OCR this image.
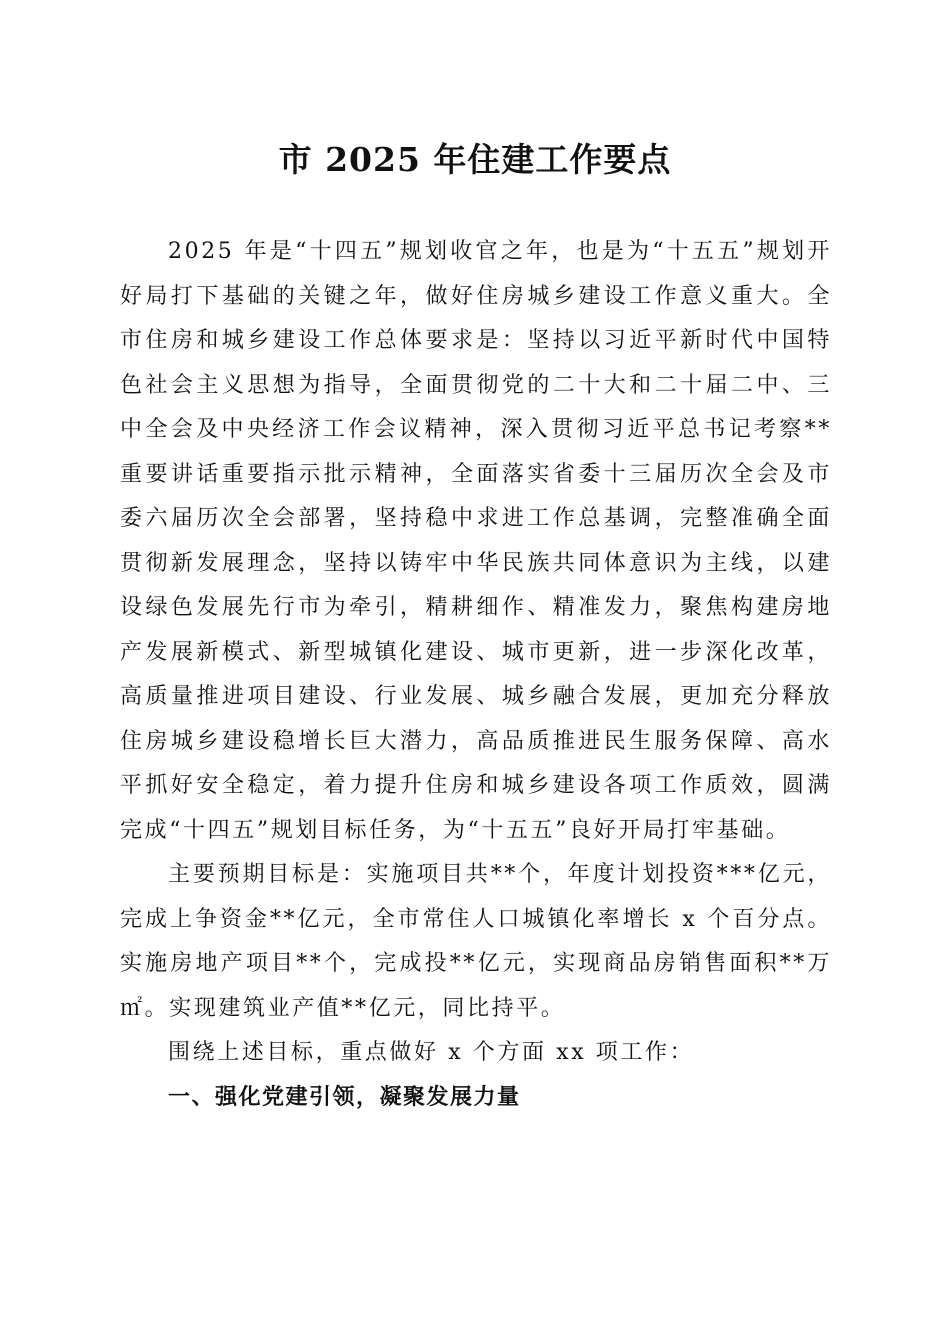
市 2025 年住建工作要点

2025 年是“十四五”规划收官之年，也是为“十五五”规划开好局打下基础的关键之年，做好住房城乡建设工作意义重大。全市住房和城乡建设工作总体要求是：坚持以习近平新时代中国特色社会主义思想为指导，全面贯彻党的二十大和二十届二中、三中全会及中央经济工作会议精神，深入贯彻习近平总书记考察**重要讲话重要指示批示精神，全面落实省委十三届历次全会及市委六届历次全会部署，坚持稳中求进工作总基调，完整准确全面贯彻新发展理念，坚持以铸牢中华民族共同体意识为主线，以建设绿色发展先行市为牵引，精耕细作、精准发力，聚焦构建房地产发展新模式、新型城镇化建设、城市更新，进一步深化改革，高质量推进项目建设、行业发展、城乡融合发展，更加充分释放住房城乡建设稳增长巨大潜力，高品质推进民生服务保障、高水平抓好安全稳定，着力提升住房和城乡建设各项工作质效，圆满完成“十四五”规划目标任务，为“十五五”良好开局打牢基础。

主要预期目标是：实施项目共**个，年度计划投资***亿元，完成上争资金**亿元，全市常住人口城镇化率增长 x 个百分点。实施房地产项目**个，完成投**亿元，实现商品房销售面积**万㎡。实现建筑业产值**亿元，同比持平。

围绕上述目标，重点做好 x 个方面 xx 项工作：

一、强化党建引领，凝聚发展力量
